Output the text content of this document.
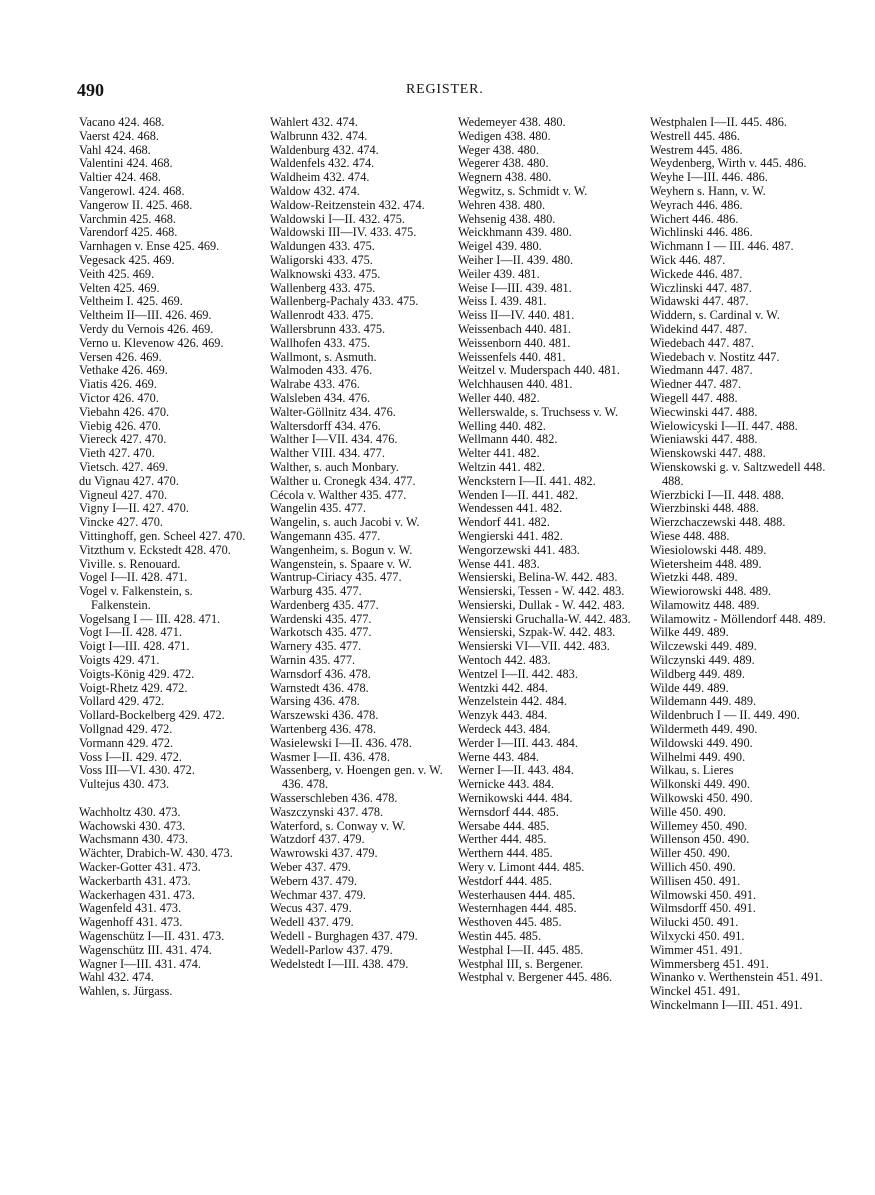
490	REGISTER.
Vacano 424. 468.
Vaerst 424. 468.
Vahl 424. 468.
Valentini 424. 468.
Valtier 424. 468.
Vangerowl. 424. 468.
Vangerow II. 425. 468.
Varchmin 425. 468.
Varendorf 425. 468.
Varnhagen v. Ense 425. 469.
Vegesack 425. 469.
Veith 425. 469.
Velten 425. 469.
Veltheim I. 425. 469.
Veltheim II—III. 426. 469.
Verdy du Vernois 426. 469.
Verno u. Klevenow 426. 469.
Versen 426. 469.
Vethake 426. 469.
Viatis 426. 469.
Victor 426. 470.
Viebahn 426. 470.
Viebig 426. 470.
Viereck 427. 470.
Vieth 427. 470.
Vietsch. 427. 469.
du Vignau 427. 470.
Vigneul 427. 470.
Vigny I—II. 427. 470.
Vincke 427. 470.
Vittinghoff, gen. Scheel 427. 470.
Vitzthum v. Eckstedt 428. 470.
Viville. s. Renouard.
Vogel I—II. 428. 471.
Vogel v. Falkenstein, s. Falkenstein.
Vogelsang I — III. 428. 471.
Vogt I—II. 428. 471.
Voigt I—III. 428. 471.
Voigts 429. 471.
Voigts-König 429. 472.
Voigt-Rhetz 429. 472.
Vollard 429. 472.
Vollard-Bockelberg 429. 472.
Vollgnad 429. 472.
Vormann 429. 472.
Voss I—II. 429. 472.
Voss III—VI. 430. 472.
Vultejus 430. 473.
Wachholtz 430. 473.
Wachowski 430. 473.
Wachsmann 430. 473.
Wächter, Drabich-W. 430. 473.
Wacker-Gotter 431. 473.
Wackerbarth 431. 473.
Wackerhagen 431. 473.
Wagenfeld 431. 473.
Wagenhoff 431. 473.
Wagenschütz I—II. 431. 473.
Wagenschütz III. 431. 474.
Wagner I—III. 431. 474.
Wahl 432. 474.
Wahlen, s. Jürgass.
Wahlert 432. 474.
Walbrunn 432. 474.
Waldenburg 432. 474.
Waldenfels 432. 474.
Waldheim 432. 474.
Waldow 432. 474.
Waldow-Reitzenstein 432. 474.
Waldowski I—II. 432. 475.
Waldowski III—IV. 433. 475.
Waldungen 433. 475.
Waligorski 433. 475.
Walknowski 433. 475.
Wallenberg 433. 475.
Wallenberg-Pachaly 433. 475.
Wallenrodt 433. 475.
Wallersbrunn 433. 475.
Wallhofen 433. 475.
Wallmont, s. Asmuth.
Walmoden 433. 476.
Walrabe 433. 476.
Walsleben 434. 476.
Walter-Göllnitz 434. 476.
Waltersdorff 434. 476.
Walther I—VII. 434. 476.
Walther VIII. 434. 477.
Walther, s. auch Monbary.
Walther u. Cronegk 434. 477.
Cécola v. Walther 435. 477.
Wangelin 435. 477.
Wangelin, s. auch Jacobi v. W.
Wangemann 435. 477.
Wangenheim, s. Bogun v. W.
Wangenstein, s. Spaare v. W.
Wantrup-Ciriacy 435. 477.
Warburg 435. 477.
Wardenberg 435. 477.
Wardenski 435. 477.
Warkotsch 435. 477.
Warnery 435. 477.
Warnin 435. 477.
Warnsdorf 436. 478.
Warnstedt 436. 478.
Warsing 436. 478.
Warszewski 436. 478.
Wartenberg 436. 478.
Wasielewski I—II. 436. 478.
Wasmer I—II. 436. 478.
Wassenberg, v. Hoengen gen. v. W. 436. 478.
Wasserschleben 436. 478.
Waszczynski 437. 478.
Waterford, s. Conway v. W.
Watzdorf 437. 479.
Wawrowski 437. 479.
Weber 437. 479.
Webern 437. 479.
Wechmar 437. 479.
Wecus 437. 479.
Wedell 437. 479.
Wedell - Burghagen 437. 479.
Wedell-Parlow 437. 479.
Wedelstedt I—III. 438. 479.
Wedemeyer 438. 480.
Wedigen 438. 480.
Weger 438. 480.
Wegerer 438. 480.
Wegnern 438. 480.
Wegwitz, s. Schmidt v. W.
Wehren 438. 480.
Wehsenig 438. 480.
Weickhmann 439. 480.
Weigel 439. 480.
Weiher I—II. 439. 480.
Weiler 439. 481.
Weise I—III. 439. 481.
Weiss I. 439. 481.
Weiss II—IV. 440. 481.
Weissenbach 440. 481.
Weissenborn 440. 481.
Weissenfels 440. 481.
Weitzel v. Muderspach 440. 481.
Welchhausen 440. 481.
Weller 440. 482.
Wellerswalde, s. Truchsess v. W.
Welling 440. 482.
Wellmann 440. 482.
Welter 441. 482.
Weltzin 441. 482.
Wenckstern I—II. 441. 482.
Wenden I—II. 441. 482.
Wendessen 441. 482.
Wendorf 441. 482.
Wengierski 441. 482.
Wengorzewski 441. 483.
Wense 441. 483.
Wensierski, Belina-W. 442. 483.
Wensierski, Tessen - W. 442. 483.
Wensierski, Dullak - W. 442. 483.
Wensierski Gruchalla-W. 442. 483.
Wensierski, Szpak-W. 442. 483.
Wensierski VI—VII. 442. 483.
Wentoch 442. 483.
Wentzel I—II. 442. 483.
Wentzki 442. 484.
Wenzelstein 442. 484.
Wenzyk 443. 484.
Werdeck 443. 484.
Werder I—III. 443. 484.
Werne 443. 484.
Werner I—II. 443. 484.
Wernicke 443. 484.
Wernikowski 444. 484.
Wernsdorf 444. 485.
Wersabe 444. 485.
Werther 444. 485.
Werthern 444. 485.
Wery v. Limont 444. 485.
Westdorf 444. 485.
Westerhausen 444. 485.
Westernhagen 444. 485.
Westhoven 445. 485.
Westin 445. 485.
Westphal I—II. 445. 485.
Westphal III, s. Bergener.
Westphal v. Bergener 445. 486.
Westphalen I—II. 445. 486.
Westrell 445. 486.
Westrem 445. 486.
Weydenberg, Wirth v. 445. 486.
Weyhe I—III. 446. 486.
Weyhern s. Hann, v. W.
Weyrach 446. 486.
Wichert 446. 486.
Wichlinski 446. 486.
Wichmann I — III. 446. 487.
Wick 446. 487.
Wickede 446. 487.
Wiczlinski 447. 487.
Widawski 447. 487.
Widdern, s. Cardinal v. W.
Widekind 447. 487.
Wiedebach 447. 487.
Wiedebach v. Nostitz 447.
Wiedmann 447. 487.
Wiedner 447. 487.
Wiegell 447. 488.
Wiecwinski 447. 488.
Wielowicyski I—II. 447. 488.
Wieniawski 447. 488.
Wienskowski 447. 488.
Wienskowski g. v. Saltzwedell 448. 488.
Wierzbicki I—II. 448. 488.
Wierzbinski 448. 488.
Wierzchaczewski 448. 488.
Wiese 448. 488.
Wiesiolowski 448. 489.
Wietersheim 448. 489.
Wietzki 448. 489.
Wiewiorowski 448. 489.
Wilamowitz 448. 489.
Wilamowitz - Möllendorf 448. 489.
Wilke 449. 489.
Wilczewski 449. 489.
Wilczynski 449. 489.
Wildberg 449. 489.
Wilde 449. 489.
Wildemann 449. 489.
Wildenbruch I — II. 449. 490.
Wildermeth 449. 490.
Wildowski 449. 490.
Wilhelmi 449. 490.
Wilkau, s. Lieres
Wilkonski 449. 490.
Wilkowski 450. 490.
Wille 450. 490.
Willemey 450. 490.
Willenson 450. 490.
Willer 450. 490.
Willich 450. 490.
Willisen 450. 491.
Wilmowski 450. 491.
Wilmsdorff 450. 491.
Wilucki 450. 491.
Wilxycki 450. 491.
Wimmer 451. 491.
Wimmersberg 451. 491.
Winanko v. Werthenstein 451. 491.
Winckel 451. 491.
Winckelmann I—III. 451. 491.
